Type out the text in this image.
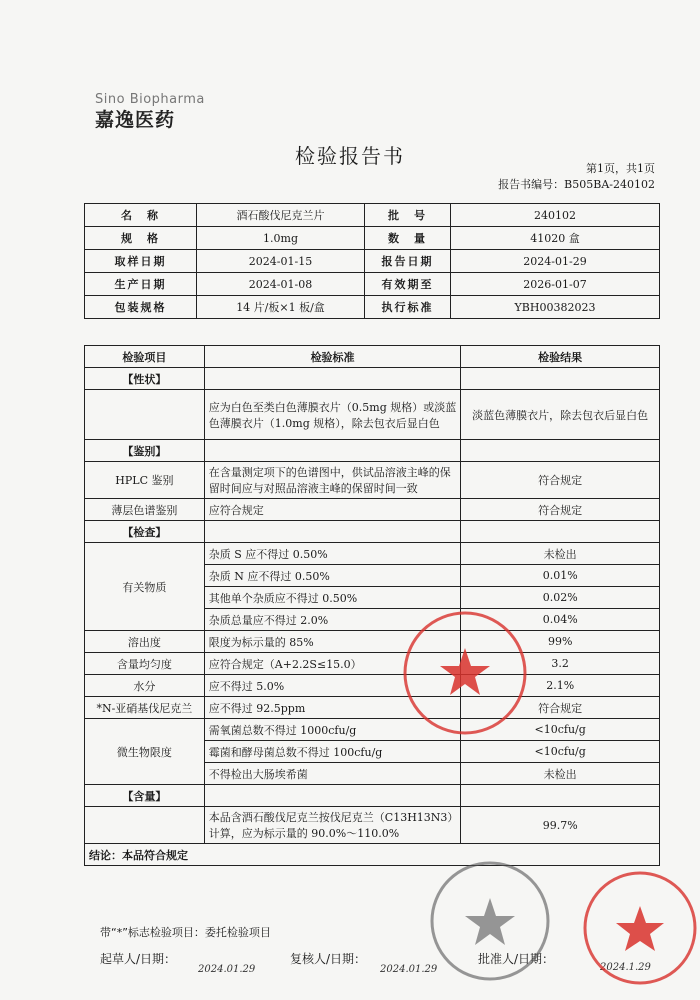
Sino Biopharma
嘉逸医药
检验报告书
第1页，共1页
报告书编号：B505BA-240102
名　称	酒石酸伐尼克兰片	批　号	240102
规　格	1.0mg	数　量	41020 盒
取样日期	2024-01-15	报告日期	2024-01-29
生产日期	2024-01-08	有效期至	2026-01-07
包装规格	14 片/板×1 板/盒	执行标准	YBH00382023
检验项目	检验标准	检验结果
【性状】		
	应为白色至类白色薄膜衣片（0.5mg 规格）或淡蓝色薄膜衣片（1.0mg 规格），除去包衣后显白色	淡蓝色薄膜衣片，除去包衣后显白色
【鉴别】		
HPLC 鉴别	在含量测定项下的色谱图中，供试品溶液主峰的保留时间应与对照品溶液主峰的保留时间一致	符合规定
薄层色谱鉴别	应符合规定	符合规定
【检查】		
有关物质	杂质 S 应不得过 0.50%	未检出
	杂质 N 应不得过 0.50%	0.01%
	其他单个杂质应不得过 0.50%	0.02%
	杂质总量应不得过 2.0%	0.04%
溶出度	限度为标示量的 85%	99%
含量均匀度	应符合规定（A+2.2S≤15.0）	3.2
水分	应不得过 5.0%	2.1%
*N-亚硝基伐尼克兰	应不得过 92.5ppm	符合规定
微生物限度	需氧菌总数不得过 1000cfu/g	<10cfu/g
	霉菌和酵母菌总数不得过 100cfu/g	<10cfu/g
	不得检出大肠埃希菌	未检出
【含量】		
	本品含酒石酸伐尼克兰按伐尼克兰（C13H13N3）计算，应为标示量的 90.0%～110.0%	99.7%
结论：本品符合规定		
带“*”标志检验项目：委托检验项目
起草人/日期：	复核人/日期：	批准人/日期：
2024.01.29	2024.01.29	2024.1.29
